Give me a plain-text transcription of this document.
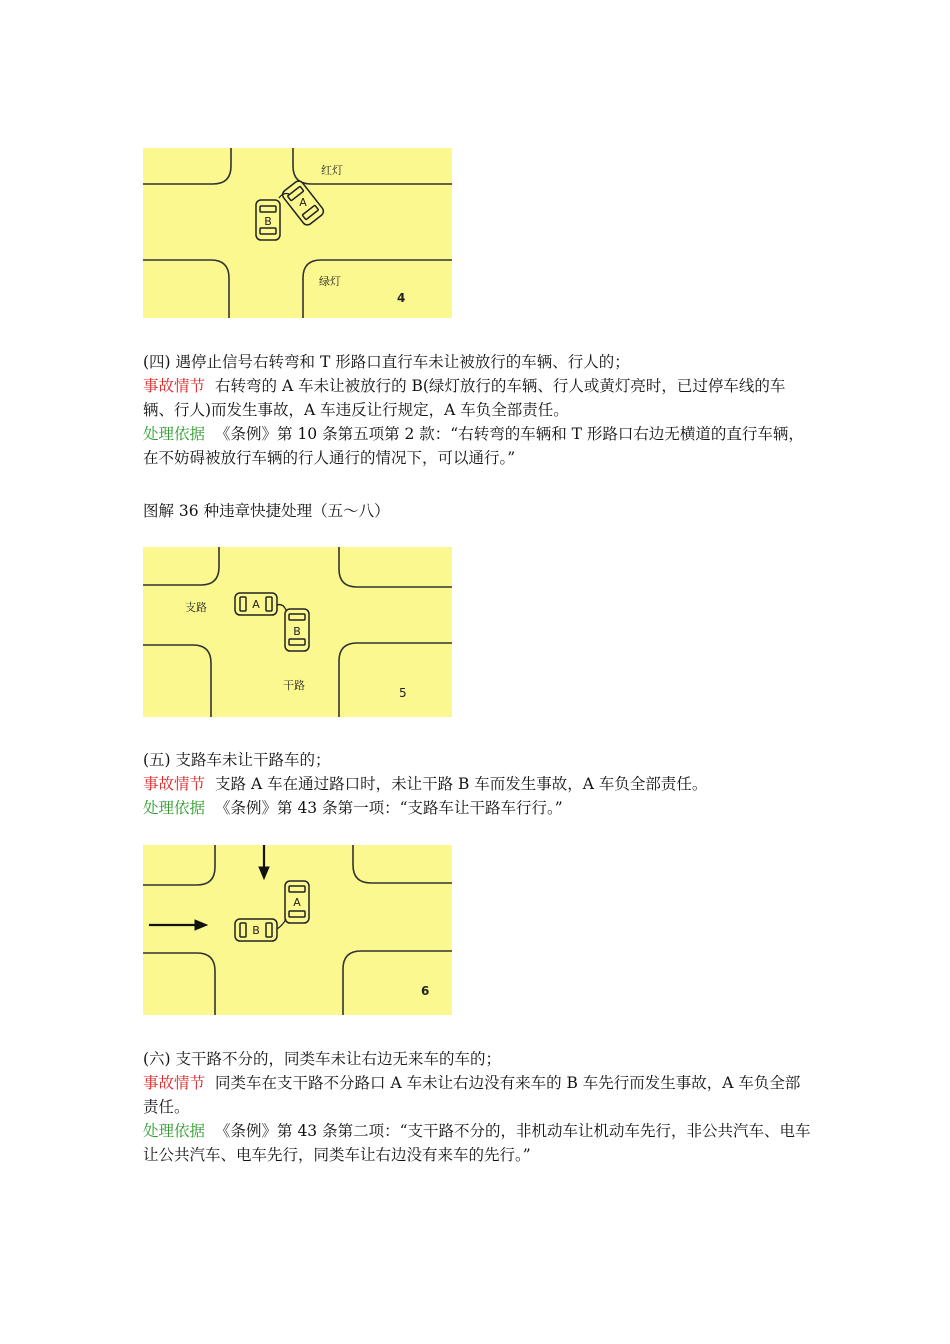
B
A
红灯
绿灯
4

(四) 遇停止信号右转弯和 T 形路口直行车未让被放行的车辆、行人的；

事故情节 右转弯的 A 车未让被放行的 B(绿灯放行的车辆、行人或黄灯亮时，已过停车线的车辆、行人)而发生事故，A 车违反让行规定，A 车负全部责任。

处理依据 《条例》第 10 条第五项第 2 款：“右转弯的车辆和 T 形路口右边无横道的直行车辆，在不妨碍被放行车辆的行人通行的情况下，可以通行。”

图解 36 种违章快捷处理（五～八）
A
B
支路
干路
5

(五) 支路车未让干路车的；

事故情节 支路 A 车在通过路口时，未让干路 B 车而发生事故，A 车负全部责任。

处理依据 《条例》第 43 条第一项：“支路车让干路车行行。”

A
B
6

(六) 支干路不分的，同类车未让右边无来车的车的；

事故情节 同类车在支干路不分路口 A 车未让右边没有来车的 B 车先行而发生事故，A 车负全部责任。

处理依据 《条例》第 43 条第二项：“支干路不分的，非机动车让机动车先行，非公共汽车、电车让公共汽车、电车先行，同类车让右边没有来车的先行。”
